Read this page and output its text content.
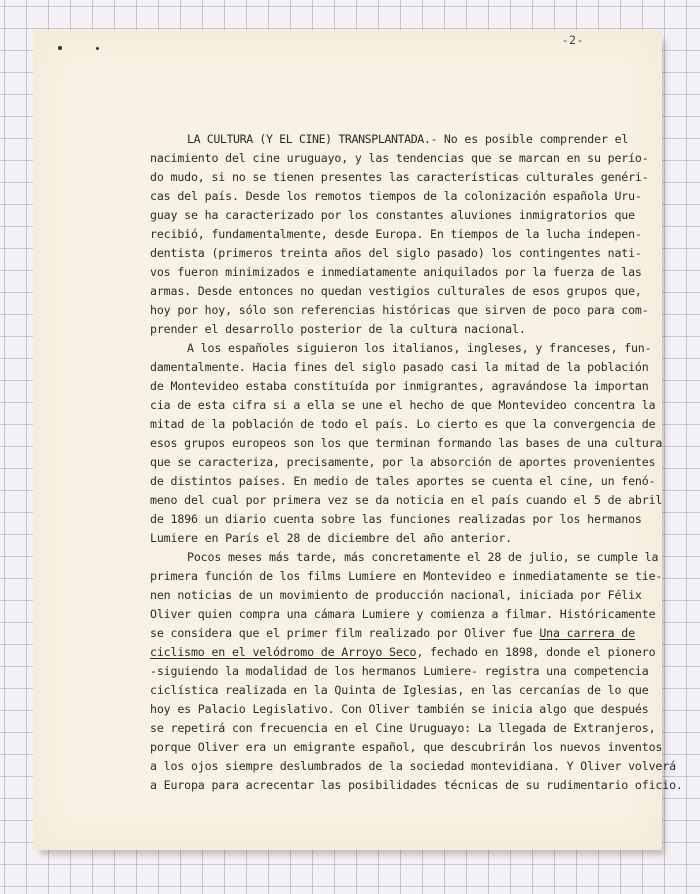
-2-
LA CULTURA (Y EL CINE) TRANSPLANTADA.- No es posible comprender el
nacimiento del cine uruguayo, y las tendencias que se marcan en su perío-
do mudo, si no se tienen presentes las características culturales genéri-
cas del país. Desde los remotos tiempos de la colonización española Uru-
guay se ha caracterizado por los constantes aluviones inmigratorios que
recibió, fundamentalmente, desde Europa. En tiempos de la lucha indepen-
dentista (primeros treinta años del siglo pasado) los contingentes nati-
vos fueron minimizados e inmediatamente aniquilados por la fuerza de las
armas. Desde entonces no quedan vestigios culturales de esos grupos que,
hoy por hoy, sólo son referencias históricas que sirven de poco para com-
prender el desarrollo posterior de la cultura nacional.
A los españoles siguieron los italianos, ingleses, y franceses, fun-
damentalmente. Hacia fines del siglo pasado casi la mitad de la población
de Montevideo estaba constituída por inmigrantes, agravándose la importan
cia de esta cifra si a ella se une el hecho de que Montevideo concentra la
mitad de la población de todo el país. Lo cierto es que la convergencia de
esos grupos europeos son los que terminan formando las bases de una cultura
que se caracteriza, precisamente, por la absorción de aportes provenientes
de distintos países. En medio de tales aportes se cuenta el cine, un fenó-
meno del cual por primera vez se da noticia en el país cuando el 5 de abril
de 1896 un diario cuenta sobre las funciones realizadas por los hermanos
Lumiere en París el 28 de diciembre del año anterior.
Pocos meses más tarde, más concretamente el 28 de julio, se cumple la
primera función de los films Lumiere en Montevideo e inmediatamente se tie-
nen noticias de un movimiento de producción nacional, iniciada por Félix
Oliver quien compra una cámara Lumiere y comienza a filmar. Históricamente
se considera que el primer film realizado por Oliver fue Una carrera de
ciclismo en el velódromo de Arroyo Seco, fechado en 1898, donde el pionero
-siguiendo la modalidad de los hermanos Lumiere- registra una competencia
ciclística realizada en la Quinta de Iglesias, en las cercanías de lo que
hoy es Palacio Legislativo. Con Oliver también se inicia algo que después
se repetirá con frecuencia en el Cine Uruguayo: La llegada de Extranjeros,
porque Oliver era un emigrante español, que descubrirán los nuevos inventos
a los ojos siempre deslumbrados de la sociedad montevidiana. Y Oliver volverá
a Europa para acrecentar las posibilidades técnicas de su rudimentario oficio.
